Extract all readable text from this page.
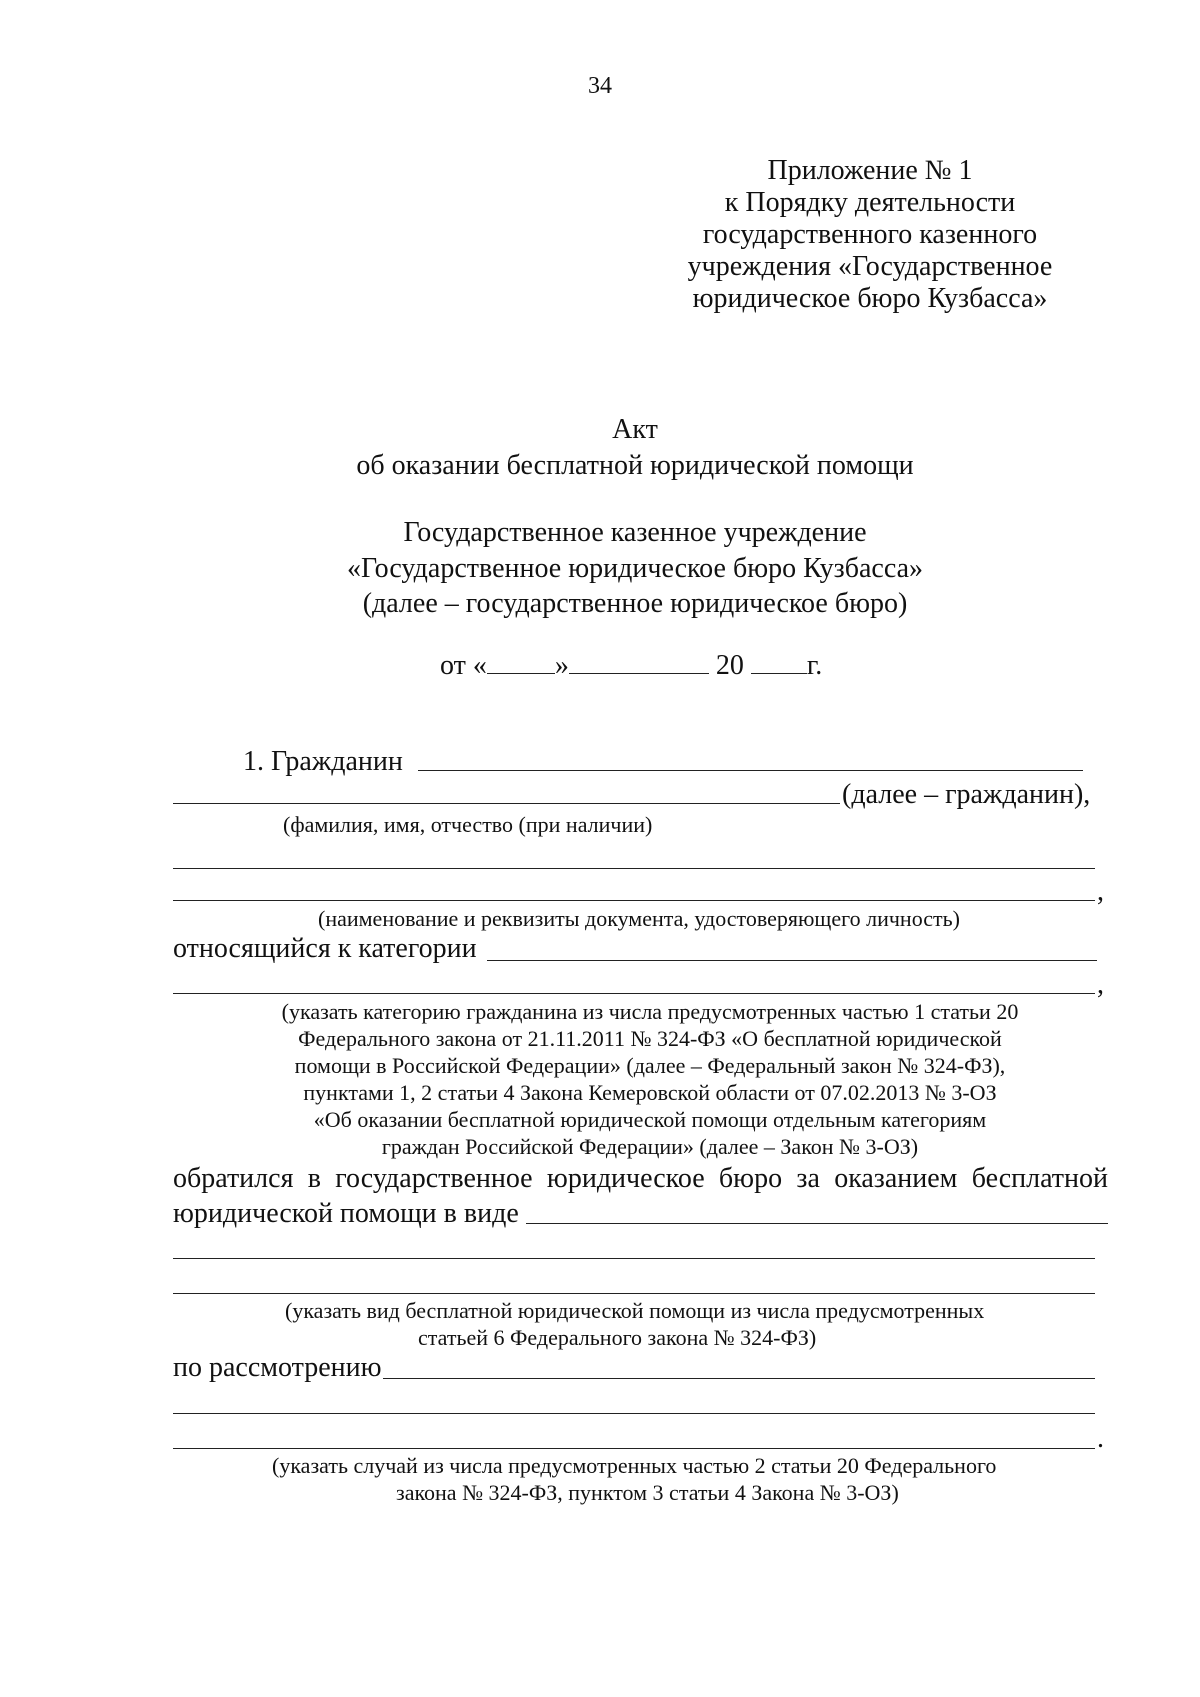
34
Приложение № 1
к Порядку деятельности
государственного казенного
учреждения «Государственное
юридическое бюро Кузбасса»
Акт
об оказании бесплатной юридической помощи
Государственное казенное учреждение
«Государственное юридическое бюро Кузбасса»
(далее – государственное юридическое бюро)
от « »	20 г.
1. Гражданин
(далее – гражданин),
(фамилия, имя, отчество (при наличии)
,
(наименование и реквизиты документа, удостоверяющего личность)
относящийся к категории
,
(указать категорию гражданина из числа предусмотренных частью 1 статьи 20
Федерального закона от 21.11.2011 № 324-ФЗ «О бесплатной юридической
помощи в Российской Федерации» (далее – Федеральный закон № 324-ФЗ),
пунктами 1, 2 статьи 4 Закона Кемеровской области от 07.02.2013 № 3-ОЗ
«Об оказании бесплатной юридической помощи отдельным категориям
граждан Российской Федерации» (далее – Закон № 3-ОЗ)
обратился в государственное юридическое бюро за оказанием бесплатной
юридической помощи в виде
(указать вид бесплатной юридической помощи из числа предусмотренных
статьей 6 Федерального закона № 324-ФЗ)
по рассмотрению
.
(указать случай из числа предусмотренных частью 2 статьи 20 Федерального
закона № 324-ФЗ, пунктом 3 статьи 4 Закона № 3-ОЗ)
